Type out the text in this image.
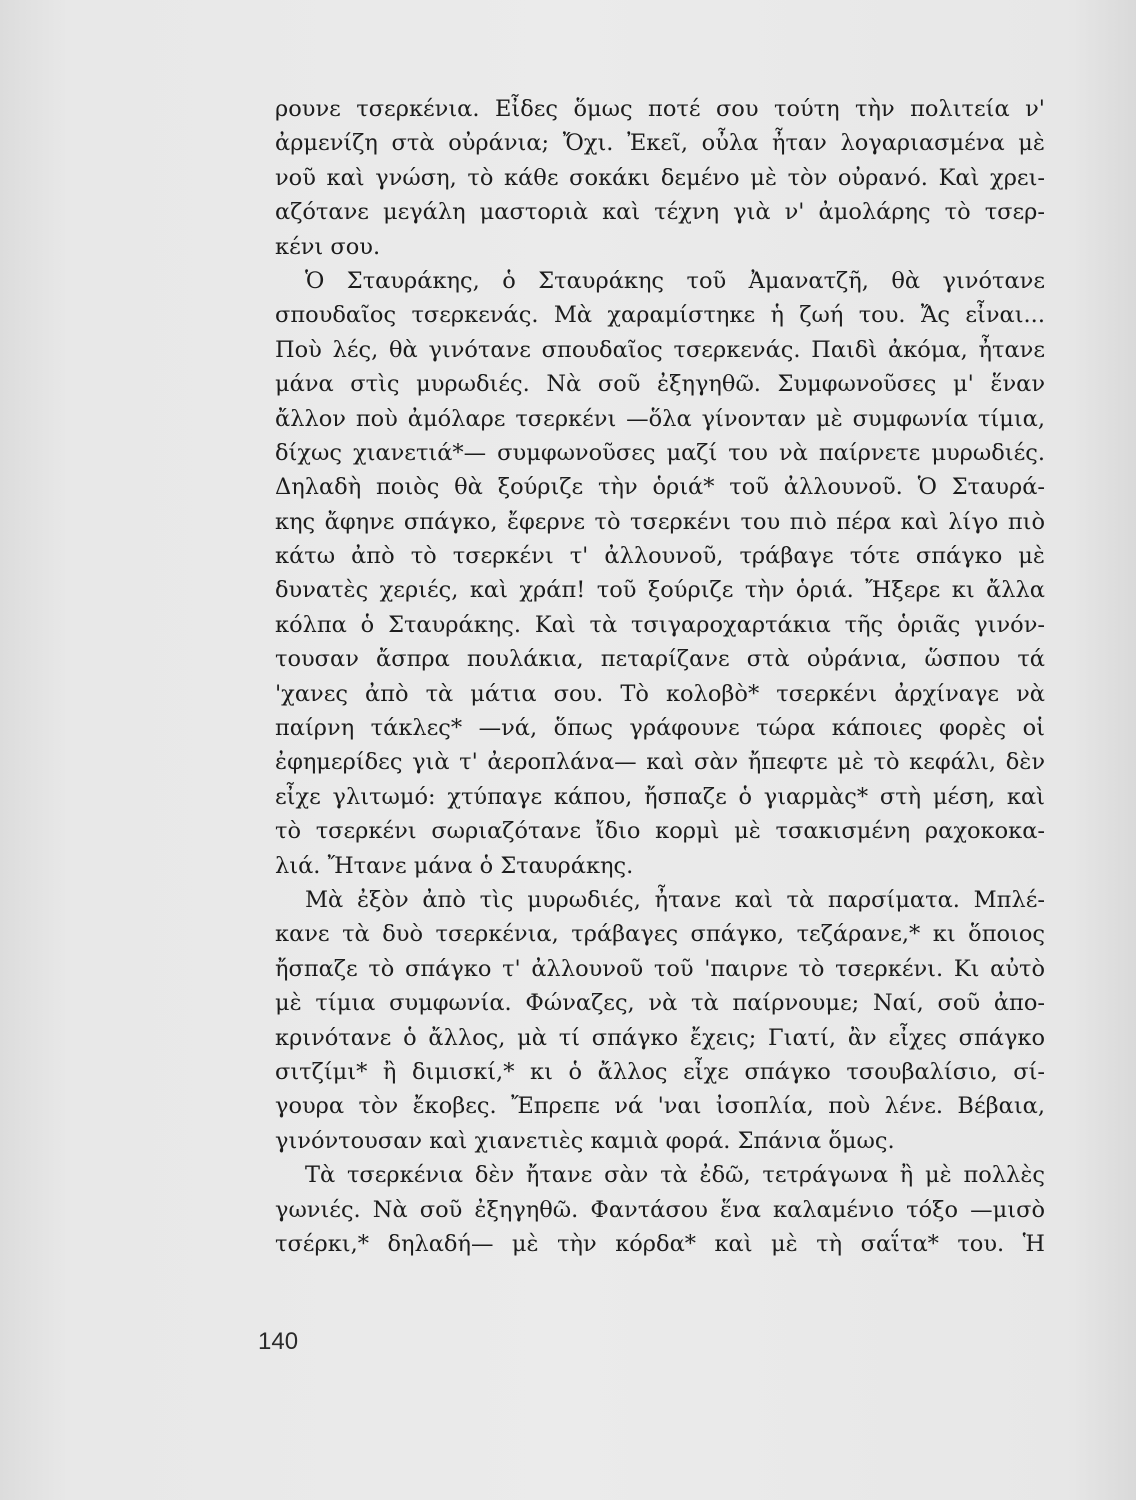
ρουνε τσερκένια. Εἶδες ὅμως ποτέ σου τούτη τὴν πολιτεία ν'
ἀρμενίζη στὰ οὐράνια; Ὄχι. Ἐκεῖ, οὖλα ἦταν λογαριασμένα μὲ
νοῦ καὶ γνώση, τὸ κάθε σοκάκι δεμένο μὲ τὸν οὐρανό. Καὶ χρει-
αζότανε μεγάλη μαστοριὰ καὶ τέχνη γιὰ ν' ἀμολάρης τὸ τσερ-
κένι σου.
Ὁ Σταυράκης, ὁ Σταυράκης τοῦ Ἀμανατζῆ, θὰ γινότανε
σπουδαῖος τσερκενάς. Μὰ χαραμίστηκε ἡ ζωή του. Ἄς εἶναι...
Ποὺ λές, θὰ γινότανε σπουδαῖος τσερκενάς. Παιδὶ ἀκόμα, ἦτανε
μάνα στὶς μυρωδιές. Νὰ σοῦ ἐξηγηθῶ. Συμφωνοῦσες μ' ἕναν
ἄλλον ποὺ ἀμόλαρε τσερκένι —ὅλα γίνονταν μὲ συμφωνία τίμια,
δίχως χιανετιά*— συμφωνοῦσες μαζί του νὰ παίρνετε μυρωδιές.
Δηλαδὴ ποιὸς θὰ ξούριζε τὴν ὁριά* τοῦ ἀλλουνοῦ. Ὁ Σταυρά-
κης ἄφηνε σπάγκο, ἔφερνε τὸ τσερκένι του πιὸ πέρα καὶ λίγο πιὸ
κάτω ἀπὸ τὸ τσερκένι τ' ἀλλουνοῦ, τράβαγε τότε σπάγκο μὲ
δυνατὲς χεριές, καὶ χράπ! τοῦ ξούριζε τὴν ὁριά. Ἤξερε κι ἄλλα
κόλπα ὁ Σταυράκης. Καὶ τὰ τσιγαροχαρτάκια τῆς ὁριᾶς γινόν-
τουσαν ἄσπρα πουλάκια, πεταρίζανε στὰ οὐράνια, ὥσπου τά
'χανες ἀπὸ τὰ μάτια σου. Τὸ κολοβὸ* τσερκένι ἀρχίναγε νὰ
παίρνη τάκλες* —νά, ὅπως γράφουνε τώρα κάποιες φορὲς οἱ
ἐφημερίδες γιὰ τ' ἀεροπλάνα— καὶ σὰν ἤπεφτε μὲ τὸ κεφάλι, δὲν
εἶχε γλιτωμό: χτύπαγε κάπου, ἤσπαζε ὁ γιαρμὰς* στὴ μέση, καὶ
τὸ τσερκένι σωριαζότανε ἴδιο κορμὶ μὲ τσακισμένη ραχοκοκα-
λιά. Ἤτανε μάνα ὁ Σταυράκης.
Μὰ ἐξὸν ἀπὸ τὶς μυρωδιές, ἦτανε καὶ τὰ παρσίματα. Μπλέ-
κανε τὰ δυὸ τσερκένια, τράβαγες σπάγκο, τεζάρανε,* κι ὅποιος
ἤσπαζε τὸ σπάγκο τ' ἀλλουνοῦ τοῦ 'παιρνε τὸ τσερκένι. Κι αὐτὸ
μὲ τίμια συμφωνία. Φώναζες, νὰ τὰ παίρνουμε; Ναί, σοῦ ἀπο-
κρινότανε ὁ ἄλλος, μὰ τί σπάγκο ἔχεις; Γιατί, ἂν εἶχες σπάγκο
σιτζίμι* ἢ διμισκί,* κι ὁ ἄλλος εἶχε σπάγκο τσουβαλίσιο, σί-
γουρα τὸν ἔκοβες. Ἔπρεπε νά 'ναι ἰσοπλία, ποὺ λένε. Βέβαια,
γινόντουσαν καὶ χιανετιὲς καμιὰ φορά. Σπάνια ὅμως.
Τὰ τσερκένια δὲν ἤτανε σὰν τὰ ἐδῶ, τετράγωνα ἢ μὲ πολλὲς
γωνιές. Νὰ σοῦ ἐξηγηθῶ. Φαντάσου ἕνα καλαμένιο τόξο —μισὸ
τσέρκι,* δηλαδή— μὲ τὴν κόρδα* καὶ μὲ τὴ σαΐτα* του. Ἡ
140
